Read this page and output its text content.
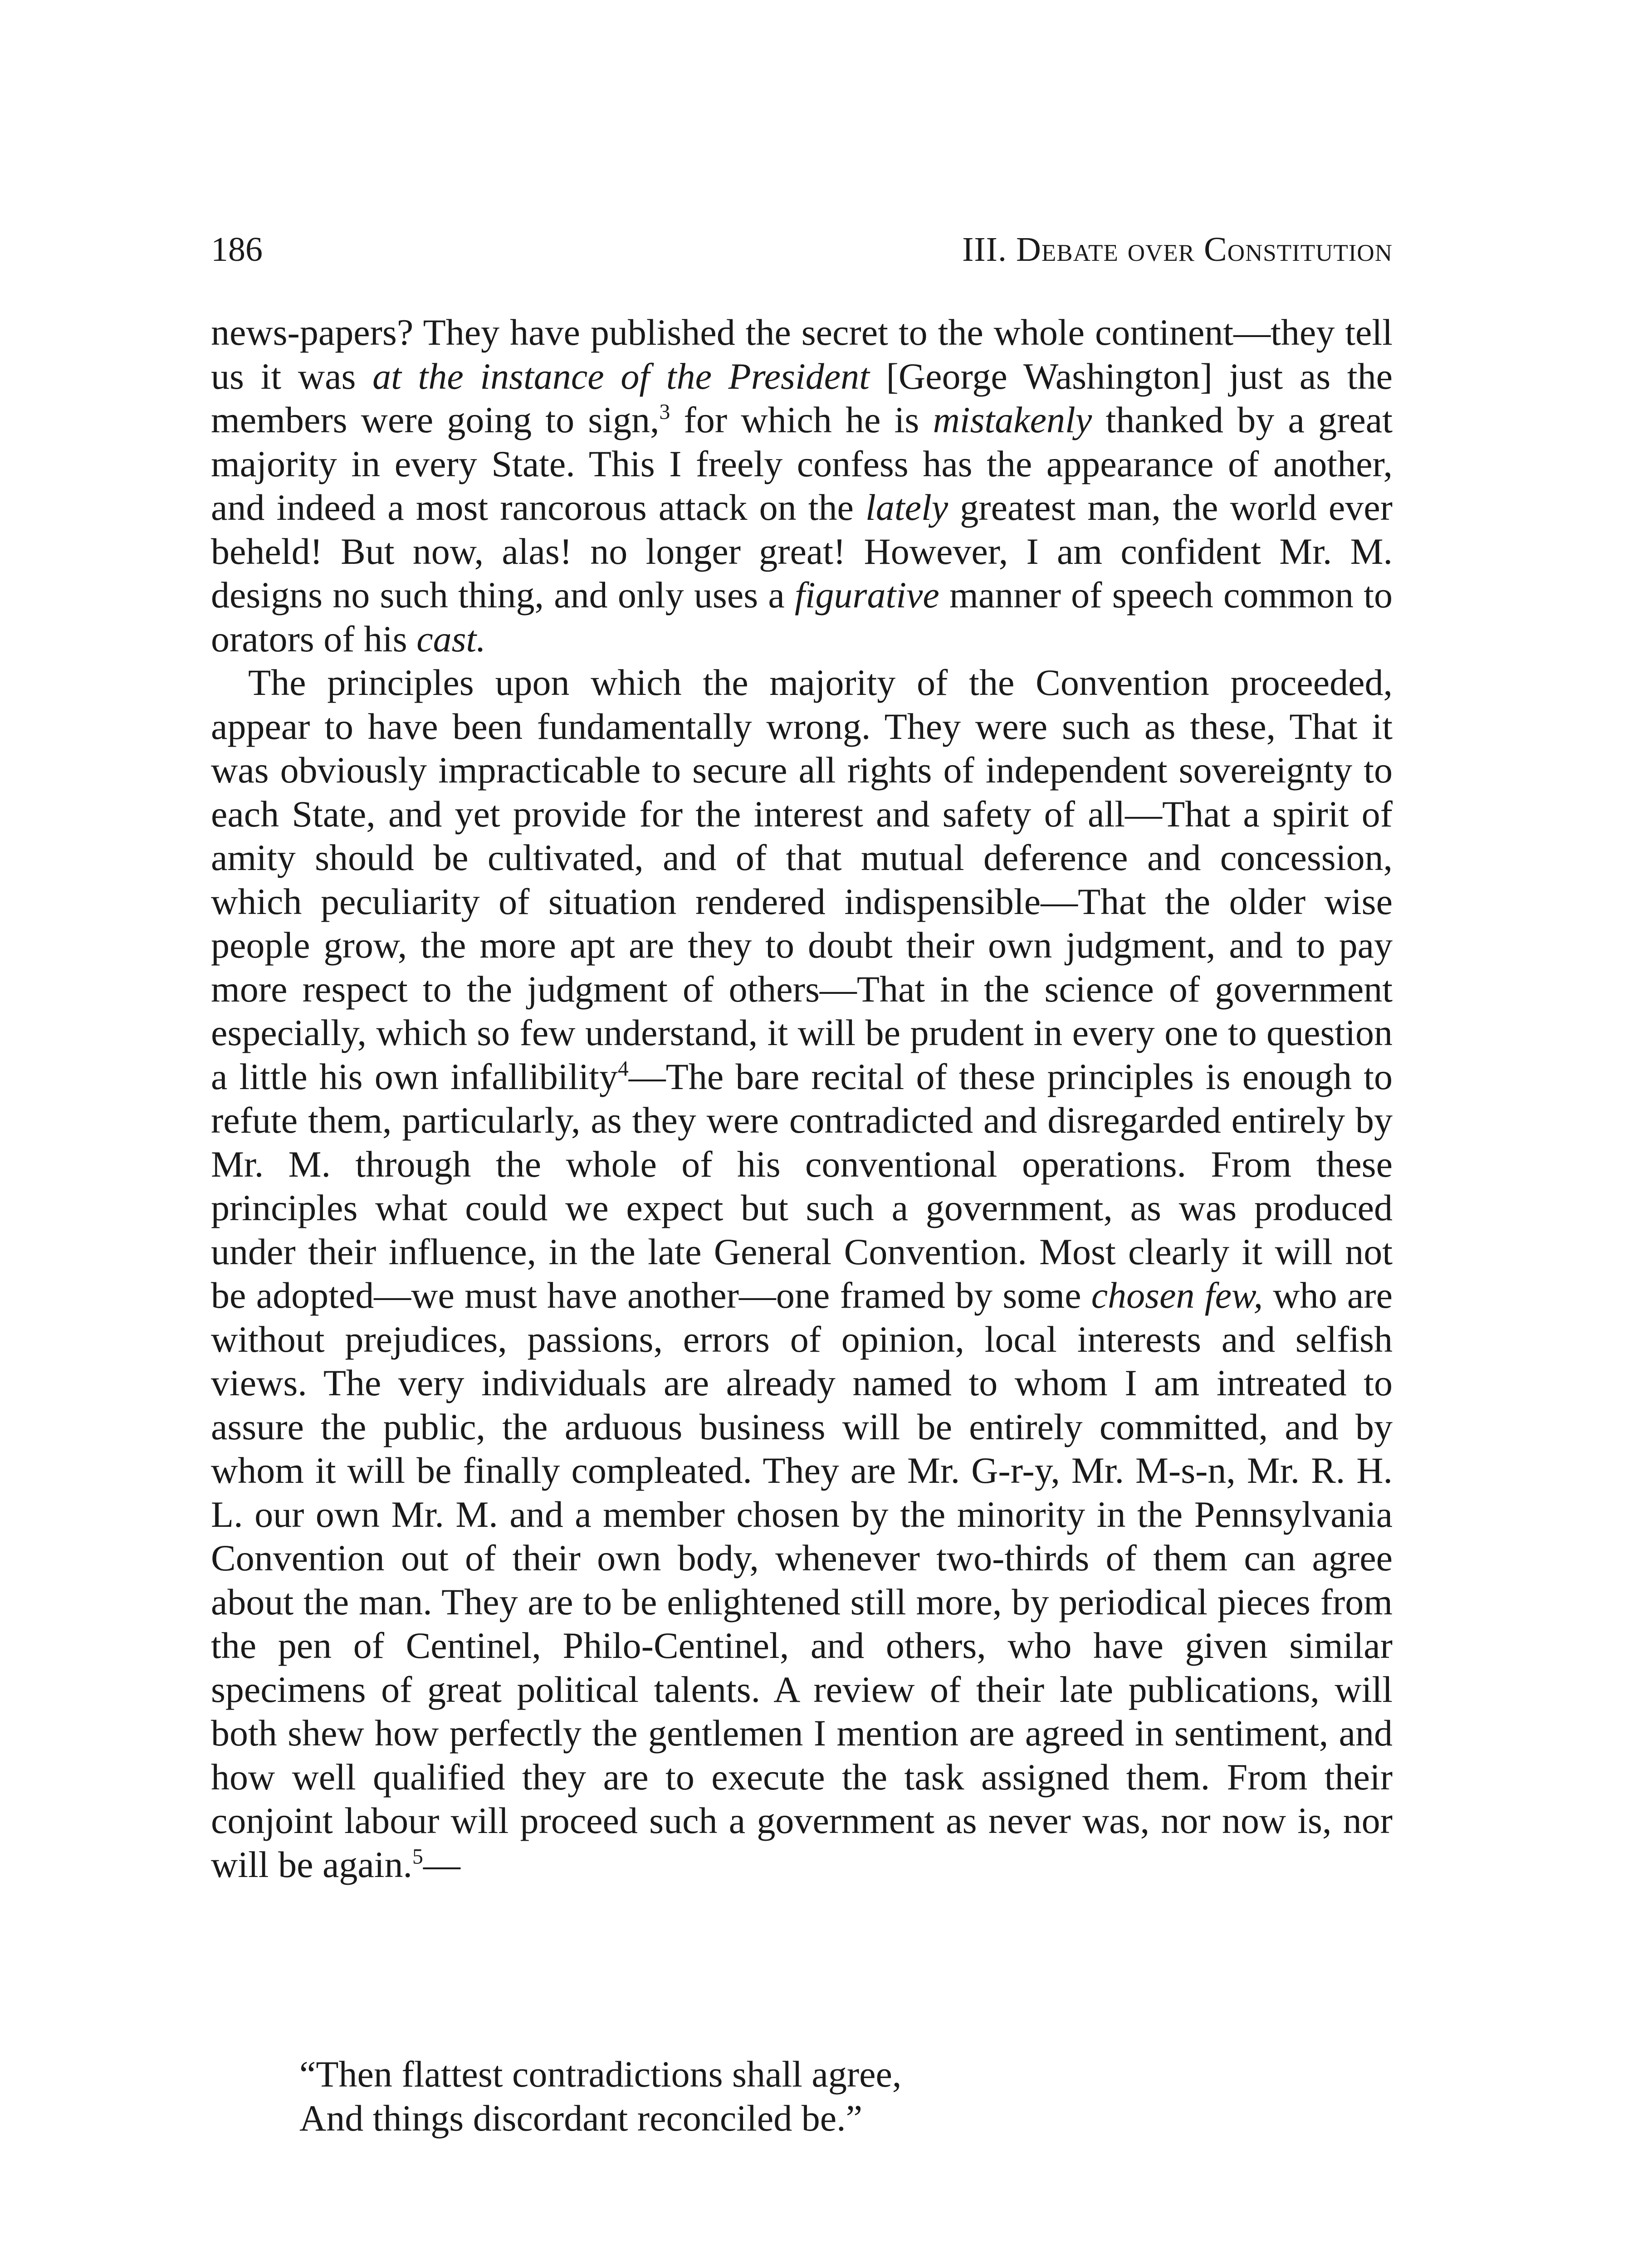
186	III. Debate over Constitution

news-papers? They have published the secret to the whole continent—they tell us it was at the instance of the President [George Washington] just as the members were going to sign,$^3$ for which he is mistakenly thanked by a great majority in every State. This I freely confess has the appearance of another, and indeed a most rancorous attack on the lately greatest man, the world ever beheld! But now, alas! no longer great! However, I am confident Mr. M. designs no such thing, and only uses a figurative manner of speech common to orators of his cast.

The principles upon which the majority of the Convention proceeded, appear to have been fundamentally wrong. They were such as these, That it was obviously impracticable to secure all rights of independent sovereignty to each State, and yet provide for the interest and safety of all—That a spirit of amity should be cultivated, and of that mutual deference and concession, which peculiarity of situation rendered indispensible—That the older wise people grow, the more apt are they to doubt their own judgment, and to pay more respect to the judgment of others—That in the science of government especially, which so few understand, it will be prudent in every one to question a little his own infallibility$^4$—The bare recital of these principles is enough to refute them, particularly, as they were contradicted and disregarded entirely by Mr. M. through the whole of his conventional operations. From these principles what could we expect but such a government, as was produced under their influence, in the late General Convention. Most clearly it will not be adopted—we must have another—one framed by some chosen few, who are without prejudices, passions, errors of opinion, local interests and selfish views. The very individuals are already named to whom I am intreated to assure the public, the arduous business will be entirely committed, and by whom it will be finally compleated. They are Mr. G-r-y, Mr. M-s-n, Mr. R. H. L. our own Mr. M. and a member chosen by the minority in the Pennsylvania Convention out of their own body, whenever two-thirds of them can agree about the man. They are to be enlightened still more, by periodical pieces from the pen of Centinel, Philo-Centinel, and others, who have given similar specimens of great political talents. A review of their late publications, will both shew how perfectly the gentlemen I mention are agreed in sentiment, and how well qualified they are to execute the task assigned them. From their conjoint labour will proceed such a government as never was, nor now is, nor will be again.$^5$—

“Then flattest contradictions shall agree,
And things discordant reconciled be.”
